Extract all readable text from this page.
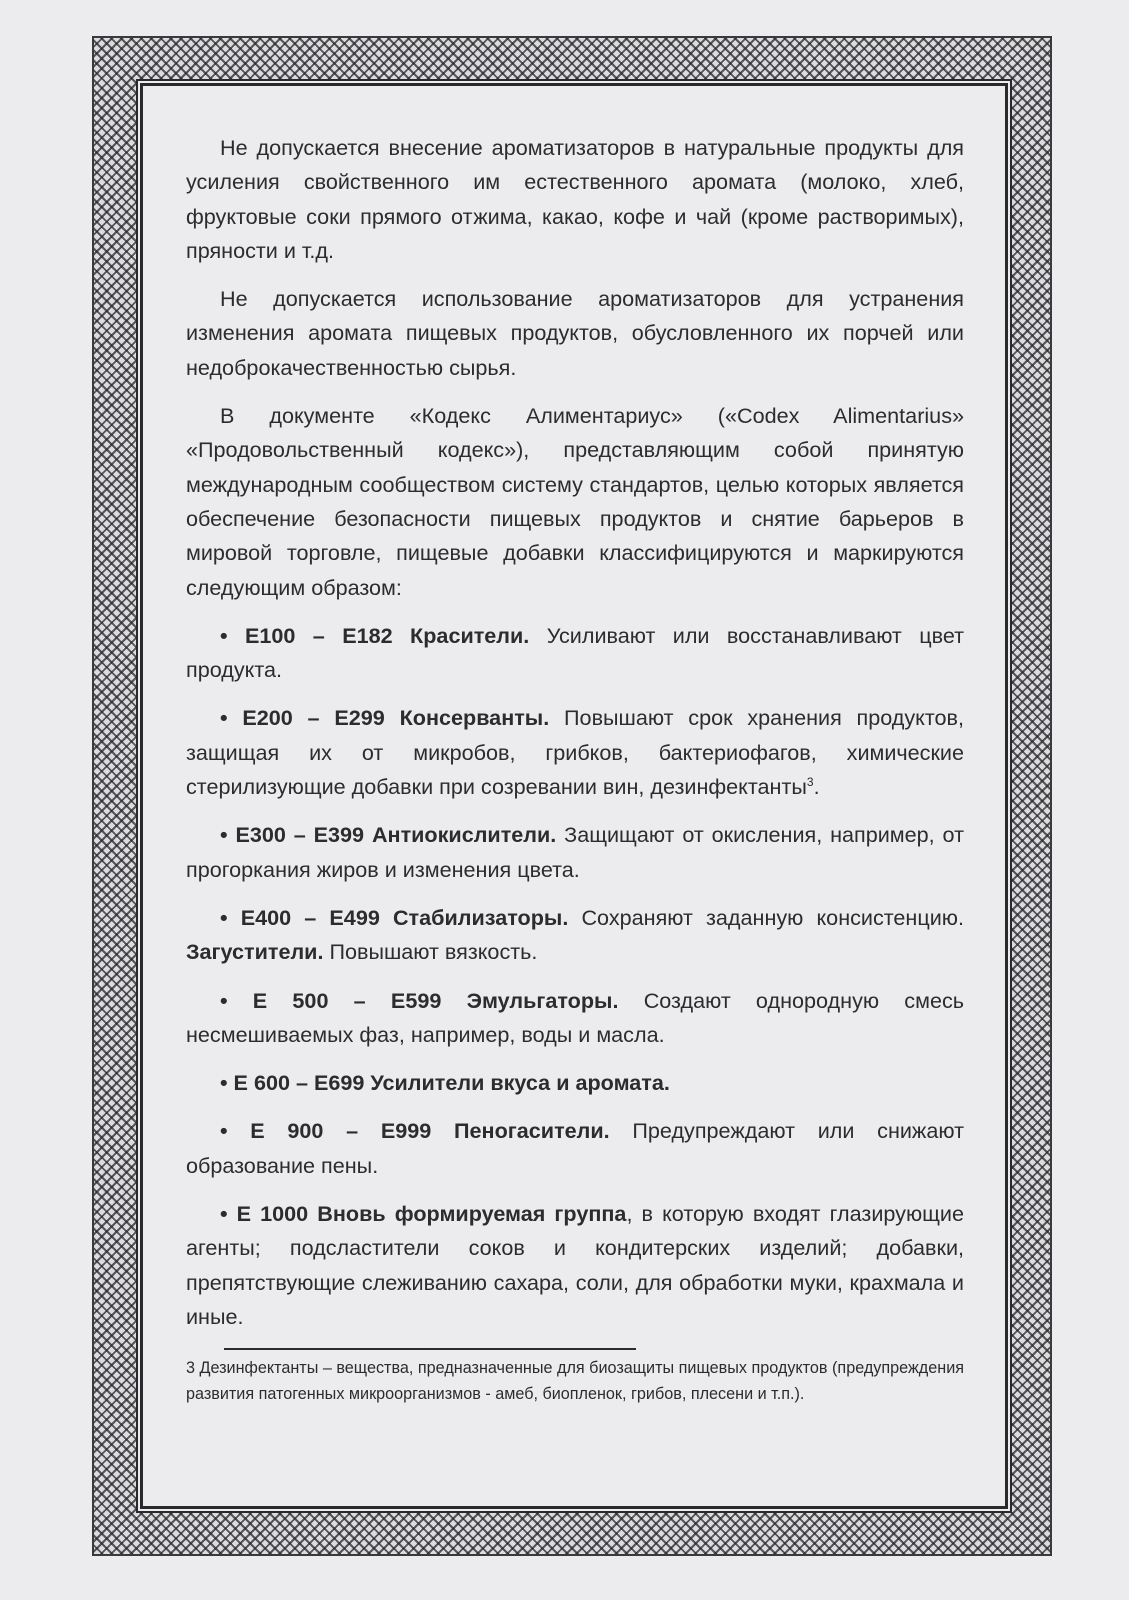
Не допускается внесение ароматизаторов в натуральные продукты для усиления свойственного им естественного аромата (молоко, хлеб, фруктовые соки прямого отжима, какао, кофе и чай (кроме растворимых), пряности и т.д.

Не допускается использование ароматизаторов для устранения изменения аромата пищевых продуктов, обусловленного их порчей или недоброкачественностью сырья.

В документе «Кодекс Алиментариус» («Codex Alimentarius» «Продовольственный кодекс»), представляющим собой принятую международным сообществом систему стандартов, целью которых является обеспечение безопасности пищевых продуктов и снятие барьеров в мировой торговле, пищевые добавки классифицируются и маркируются следующим образом:

• Е100 – Е182 Красители. Усиливают или восстанавливают цвет продукта.

• Е200 – Е299 Консерванты. Повышают срок хранения продуктов, защищая их от микробов, грибков, бактериофагов, химические стерилизующие добавки при созревании вин, дезинфектанты$^3$.

• Е300 – Е399 Антиокислители. Защищают от окисления, например, от прогоркания жиров и изменения цвета.

• Е400 – Е499 Стабилизаторы. Сохраняют заданную консистенцию. Загустители. Повышают вязкость.

• Е 500 – Е599 Эмульгаторы. Создают однородную смесь несмешиваемых фаз, например, воды и масла.

• Е 600 – Е699 Усилители вкуса и аромата.

• Е 900 – Е999 Пеногасители. Предупреждают или снижают образование пены.

• Е 1000 Вновь формируемая группа, в которую входят глазирующие агенты; подсластители соков и кондитерских изделий; добавки, препятствующие слеживанию сахара, соли, для обработки муки, крахмала и иные.

3 Дезинфектанты – вещества, предназначенные для биозащиты пищевых продуктов (предупреждения развития патогенных микроорганизмов - амеб, биопленок, грибов, плесени и т.п.).
